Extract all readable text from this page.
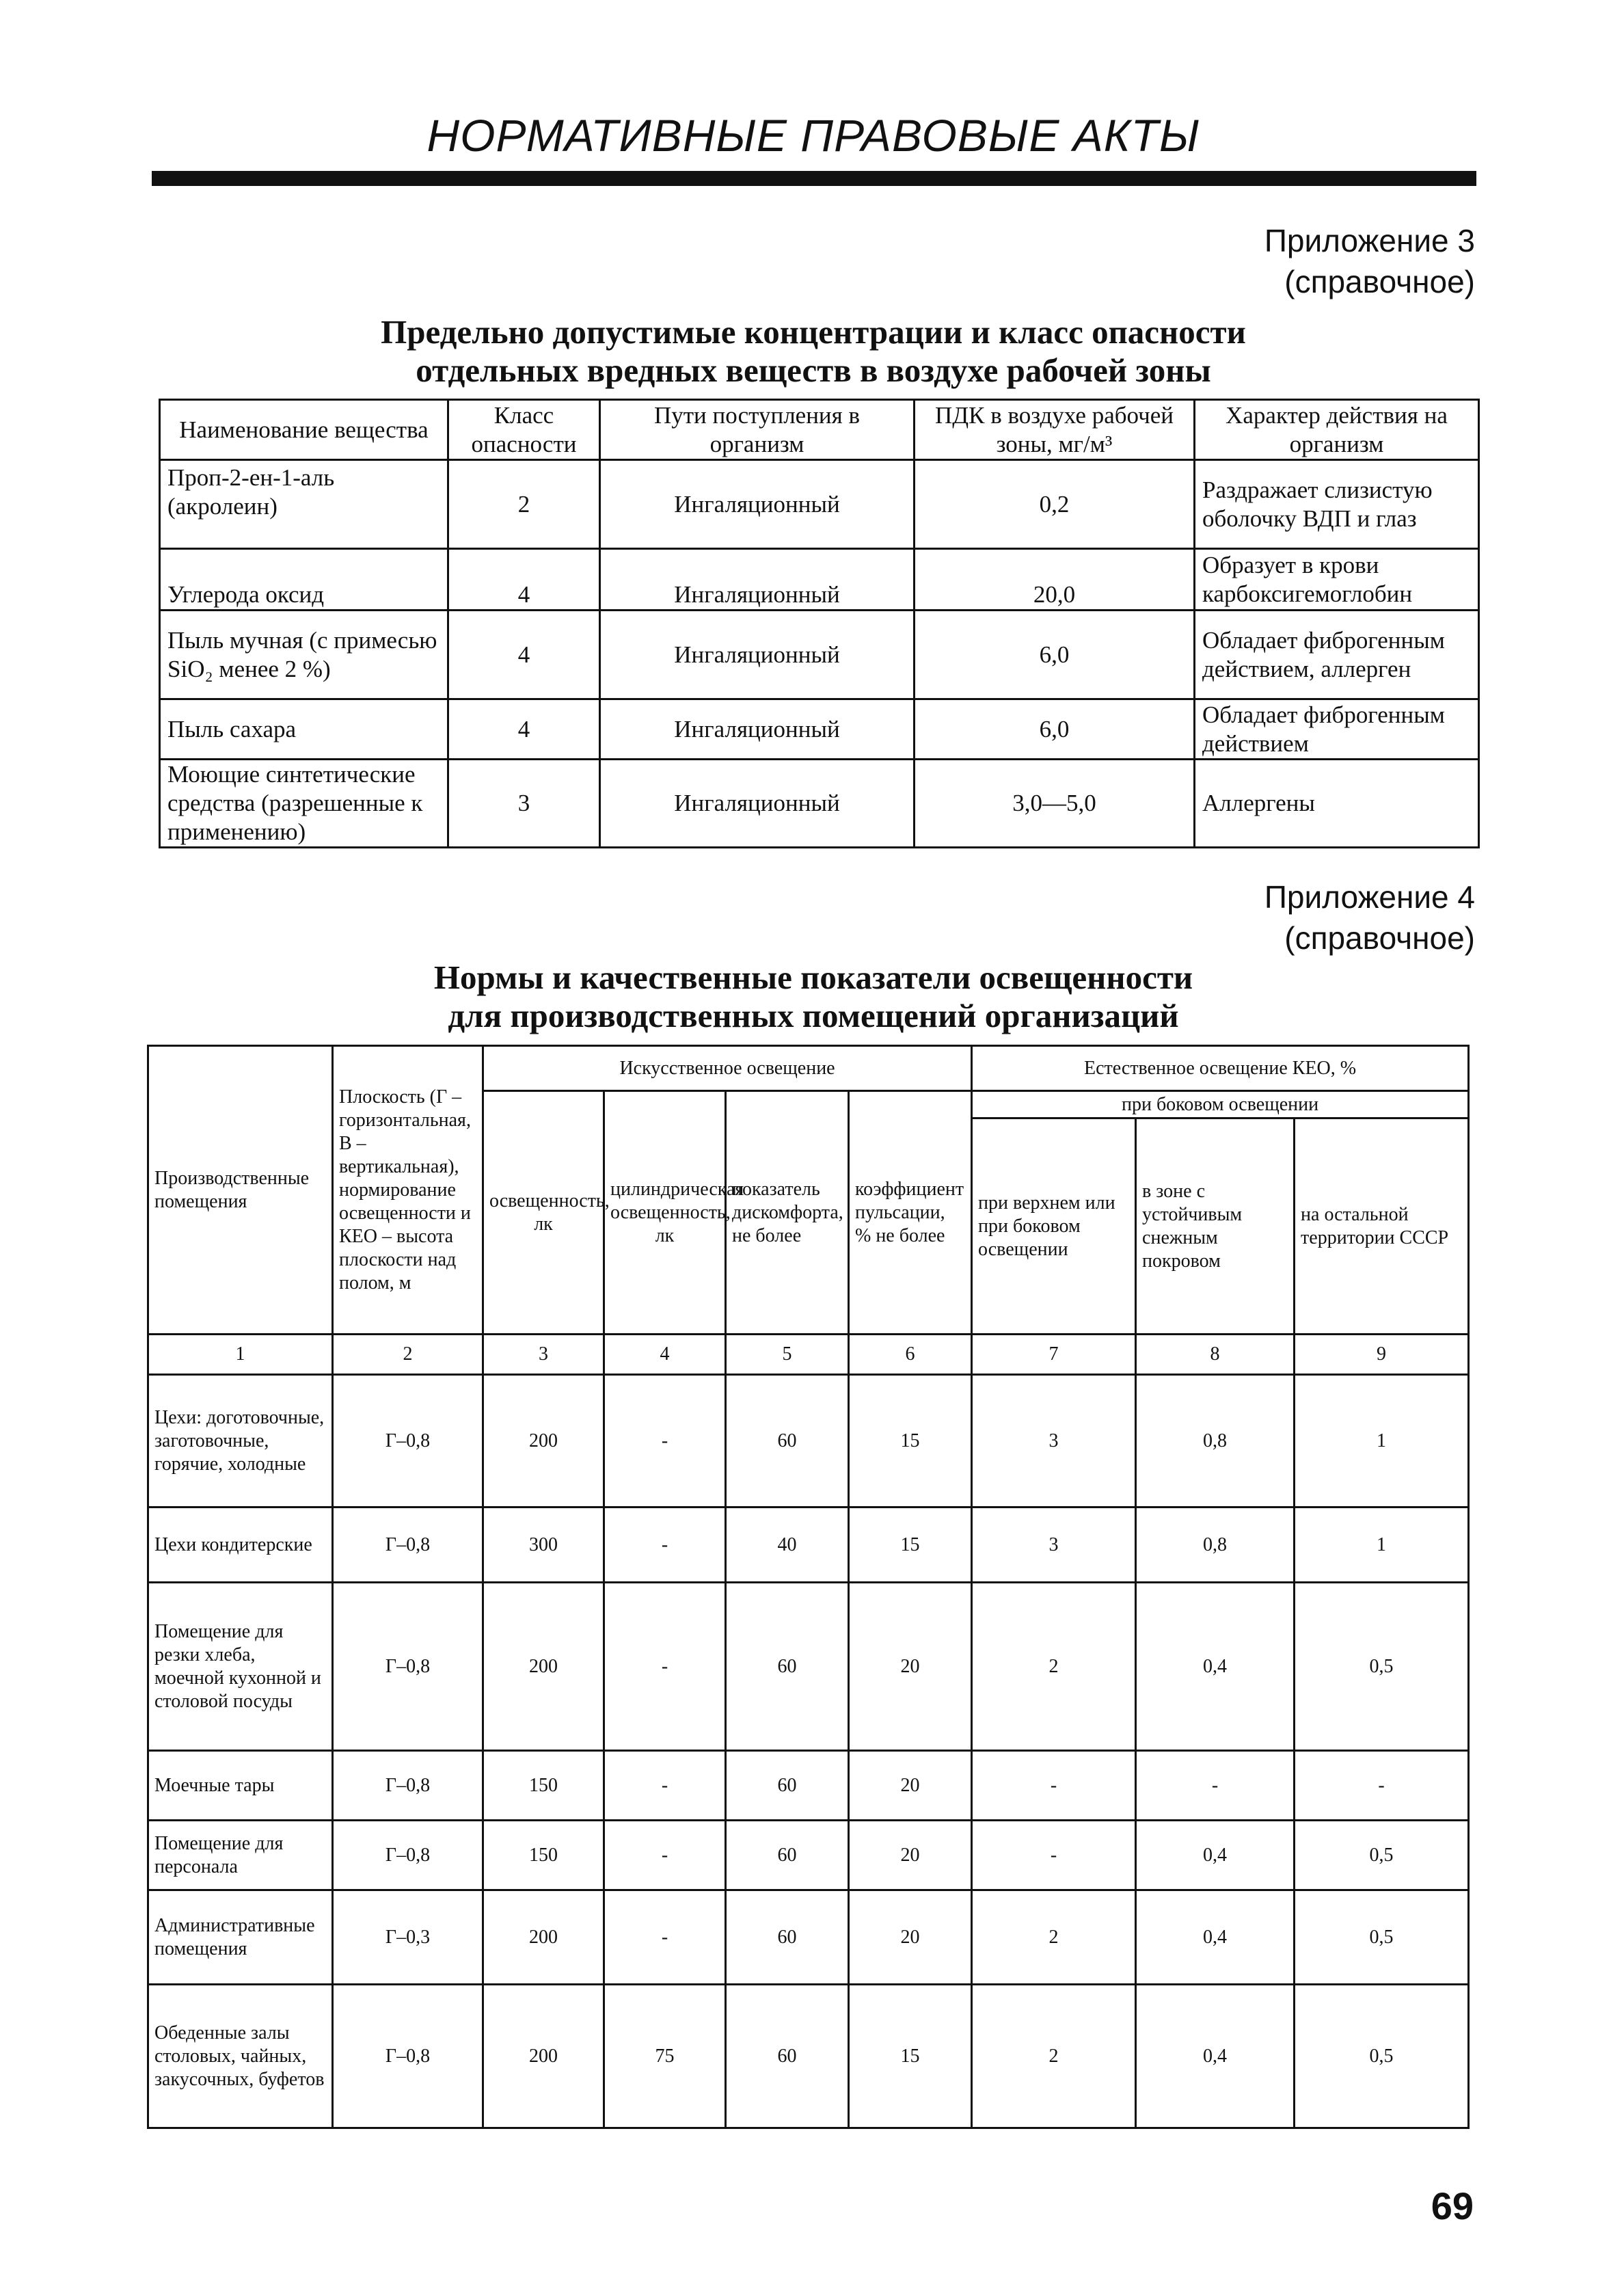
НОРМАТИВНЫЕ ПРАВОВЫЕ АКТЫ
Приложение 3
(справочное)
Предельно допустимые концентрации и класс опасности
отдельных вредных веществ в воздухе рабочей зоны
Наименование вещества	Класс опасности	Пути поступления в организм	ПДК в воздухе рабочей зоны, мг/м³	Характер действия на организм
Проп-2-ен-1-аль (акролеин)	2	Ингаляционный	0,2	Раздражает слизистую оболочку ВДП и глаз
Углерода оксид	4	Ингаляционный	20,0	Образует в крови карбоксигемоглобин
Пыль мучная (с примесью SiO₂ менее 2 %)	4	Ингаляционный	6,0	Обладает фиброгенным действием, аллерген
Пыль сахара	4	Ингаляционный	6,0	Обладает фиброгенным действием
Моющие синтетические средства (разрешенные к применению)	3	Ингаляционный	3,0—5,0	Аллергены
Приложение 4
(справочное)
Нормы и качественные показатели освещенности
для производственных помещений организаций
Производственные помещения	Плоскость (Г – горизонтальная, В – вертикальная), нормирование освещенности и КЕО – высота плоскости над полом, м	Искусственное освещение				Естественное освещение КЕО, %		
		освещенность, лк	цилиндрическая освещенность, лк	показатель дискомфорта, не более	коэффициент пульсации, % не более	при боковом освещении		
						при верхнем или при боковом освещении	в зоне с устойчивым снежным покровом	на остальной территории СССР
1	2	3	4	5	6	7	8	9
Цехи: доготовочные, заготовочные, горячие, холодные	Г–0,8	200	-	60	15	3	0,8	1
Цехи кондитерские	Г–0,8	300	-	40	15	3	0,8	1
Помещение для резки хлеба, моечной кухонной и столовой посуды	Г–0,8	200	-	60	20	2	0,4	0,5
Моечные тары	Г–0,8	150	-	60	20	-	-	-
Помещение для персонала	Г–0,8	150	-	60	20	-	0,4	0,5
Административные помещения	Г–0,3	200	-	60	20	2	0,4	0,5
Обеденные залы столовых, чайных, закусочных, буфетов	Г–0,8	200	75	60	15	2	0,4	0,5
69
